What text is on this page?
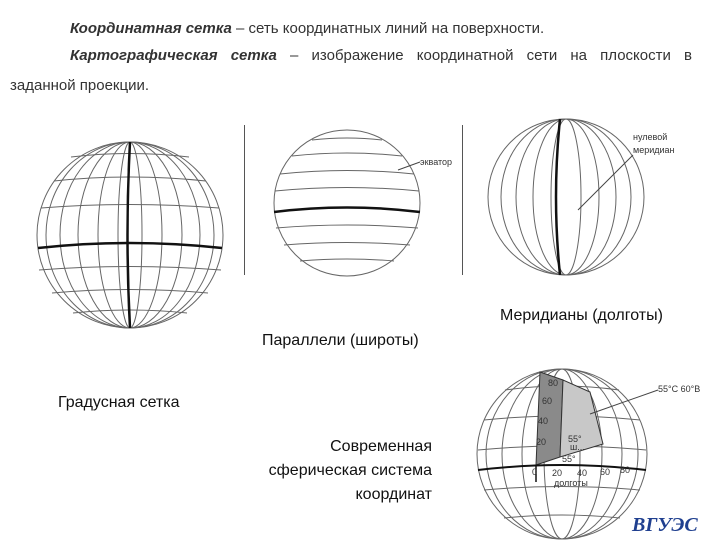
Координатная сетка – сеть координатных линий на поверхности.
Картографическая сетка – изображение координатной сети на плоскости в
заданной проекции.
экватор
нулевой
меридиан
Меридианы (долготы)
Параллели (широты)
Градусная сетка
Современная
сферическая система
координат
55°С 60°В
80
60
40
20
0 20 40 60 80
долготы
55°
ш...
55°
ВГУЭС
